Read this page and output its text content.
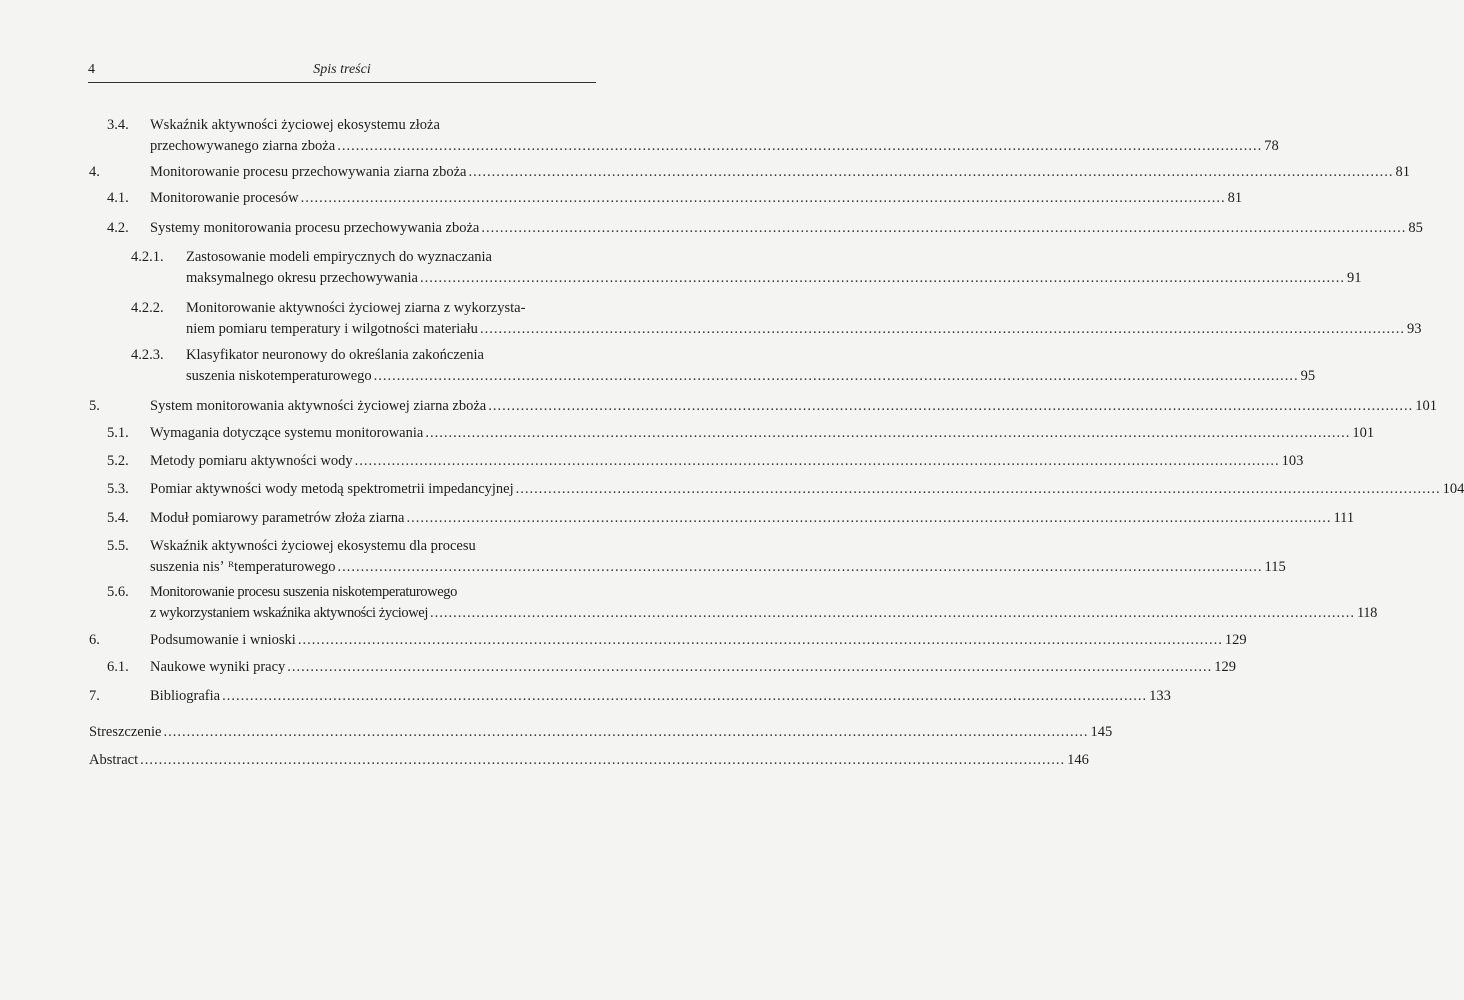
4	Spis treści
3.4. Wskaźnik aktywności życiowej ekosystemu złoża
przechowywanego ziarna zboża ........................................................................................................................................................................................................ 78
4.	Monitorowanie procesu przechowywania ziarna zboża ........................................................................................................................................................................................................ 81
4.1. Monitorowanie procesów ........................................................................................................................................................................................................ 81
4.2. Systemy monitorowania procesu przechowywania zboża ........................................................................................................................................................................................................ 85
4.2.1. Zastosowanie modeli empirycznych do wyznaczania
maksymalnego okresu przechowywania ........................................................................................................................................................................................................ 91
4.2.2. Monitorowanie aktywności życiowej ziarna z wykorzysta-
niem pomiaru temperatury i wilgotności materiału ........................................................................................................................................................................................................ 93
4.2.3. Klasyfikator neuronowy do określania zakończenia
suszenia niskotemperaturowego ........................................................................................................................................................................................................ 95
5.	System monitorowania aktywności życiowej ziarna zboża ........................................................................................................................................................................................................ 101
5.1. Wymagania dotyczące systemu monitorowania ........................................................................................................................................................................................................ 101
5.2. Metody pomiaru aktywności wody ........................................................................................................................................................................................................ 103
5.3. Pomiar aktywności wody metodą spektrometrii impedancyjnej ........................................................................................................................................................................................................ 104
5.4. Moduł pomiarowy parametrów złoża ziarna ........................................................................................................................................................................................................ 111
5.5. Wskaźnik aktywności życiowej ekosystemu dla procesu
suszenia nisʼ ᴿtemperaturowego ........................................................................................................................................................................................................ 115
5.6. Monitorowanie procesu suszenia niskotemperaturowego
z wykorzystaniem wskaźnika aktywności życiowej ........................................................................................................................................................................................................ 118
6.	Podsumowanie i wnioski ........................................................................................................................................................................................................ 129
6.1. Naukowe wyniki pracy ........................................................................................................................................................................................................ 129
7.	Bibliografia ........................................................................................................................................................................................................ 133
Streszczenie ........................................................................................................................................................................................................ 145
Abstract ........................................................................................................................................................................................................ 146
